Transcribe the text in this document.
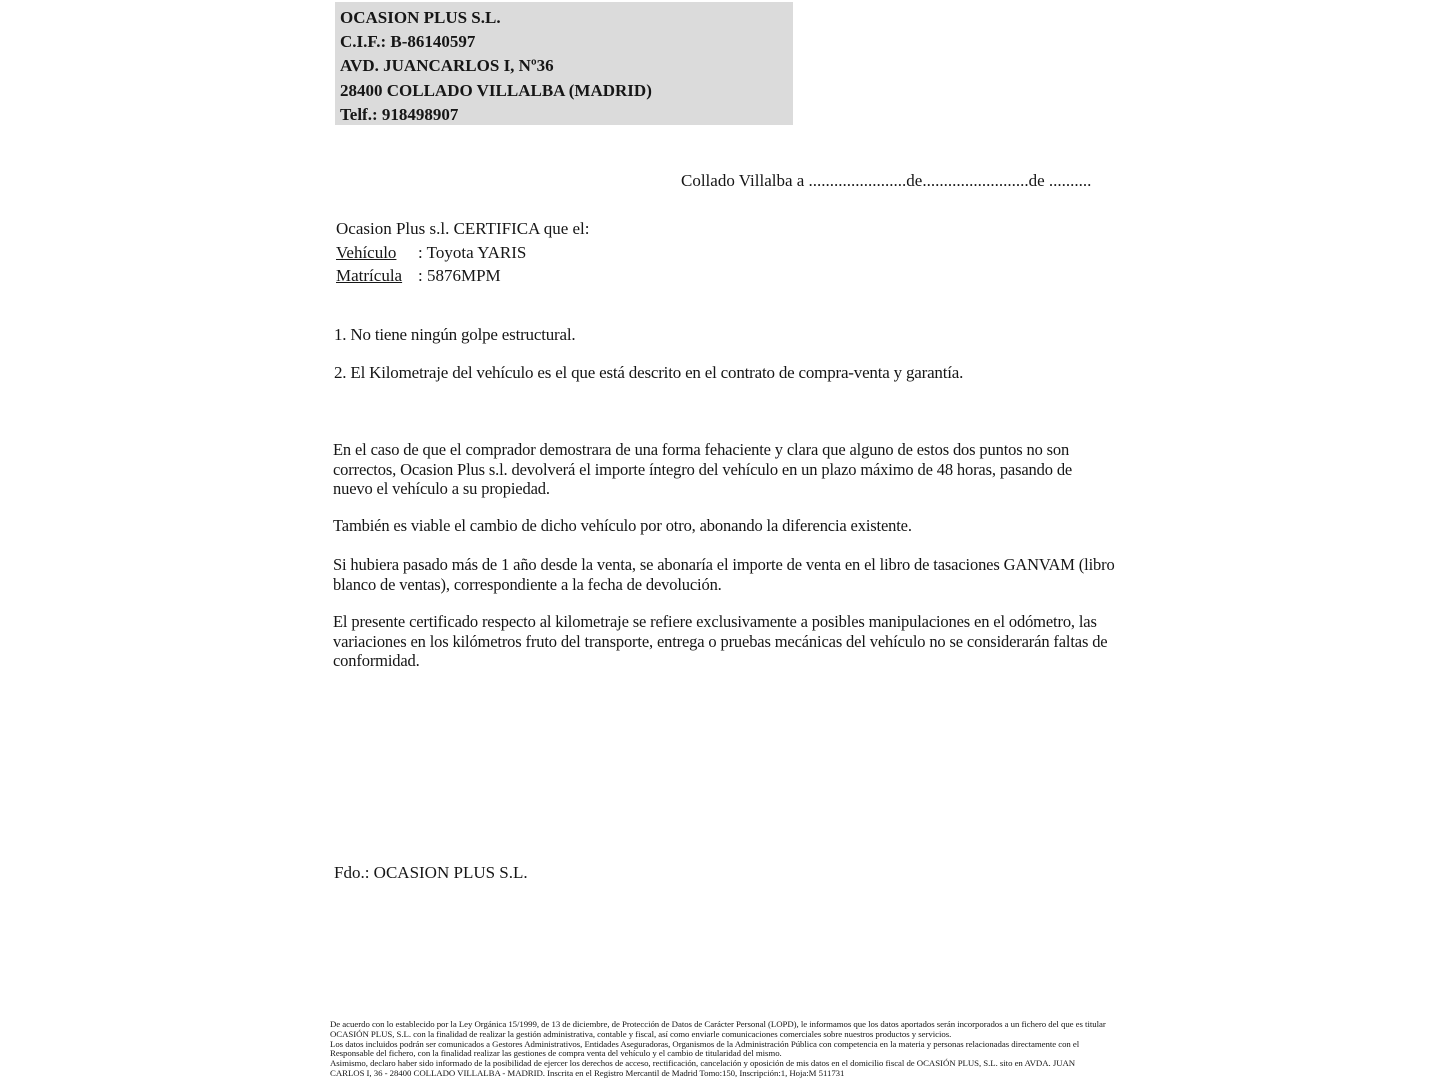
OCASION PLUS S.L.
C.I.F.: B-86140597
AVD. JUANCARLOS I, Nº36
28400 COLLADO VILLALBA (MADRID)
Telf.: 918498907
Collado Villalba a .......................de.........................de ..........
Ocasion Plus s.l. CERTIFICA que el:
Vehículo : Toyota YARIS
Matrícula : 5876MPM
1. No tiene ningún golpe estructural.
2. El Kilometraje del vehículo es el que está descrito en el contrato de compra-venta y garantía.
En el caso de que el comprador demostrara de una forma fehaciente y clara que alguno de estos dos puntos no son correctos, Ocasion Plus s.l. devolverá el importe íntegro del vehículo en un plazo máximo de 48 horas, pasando de nuevo el vehículo a su propiedad.
También es viable el cambio de dicho vehículo por otro, abonando la diferencia existente.
Si hubiera pasado más de 1 año desde la venta, se abonaría el importe de venta en el libro de tasaciones GANVAM (libro blanco de ventas), correspondiente a la fecha de devolución.
El presente certificado respecto al kilometraje se refiere exclusivamente a posibles manipulaciones en el odómetro, las variaciones en los kilómetros fruto del transporte, entrega o pruebas mecánicas del vehículo no se considerarán faltas de conformidad.
Fdo.: OCASION PLUS S.L.
De acuerdo con lo establecido por la Ley Orgánica 15/1999, de 13 de diciembre, de Protección de Datos de Carácter Personal (LOPD), le informamos que los datos aportados serán incorporados a un fichero del que es titular
OCASIÓN PLUS, S.L. con la finalidad de realizar la gestión administrativa, contable y fiscal, así como enviarle comunicaciones comerciales sobre nuestros productos y servicios.
Los datos incluidos podrán ser comunicados a Gestores Administrativos, Entidades Aseguradoras, Organismos de la Administración Pública con competencia en la materia y personas relacionadas directamente con el
Responsable del fichero, con la finalidad realizar las gestiones de compra venta del vehículo y el cambio de titularidad del mismo.
Asimismo, declaro haber sido informado de la posibilidad de ejercer los derechos de acceso, rectificación, cancelación y oposición de mis datos en el domicilio fiscal de OCASIÓN PLUS, S.L. sito en AVDA. JUAN
CARLOS I, 36 - 28400 COLLADO VILLALBA - MADRID. Inscrita en el Registro Mercantil de Madrid Tomo:150, Inscripción:1, Hoja:M 511731
